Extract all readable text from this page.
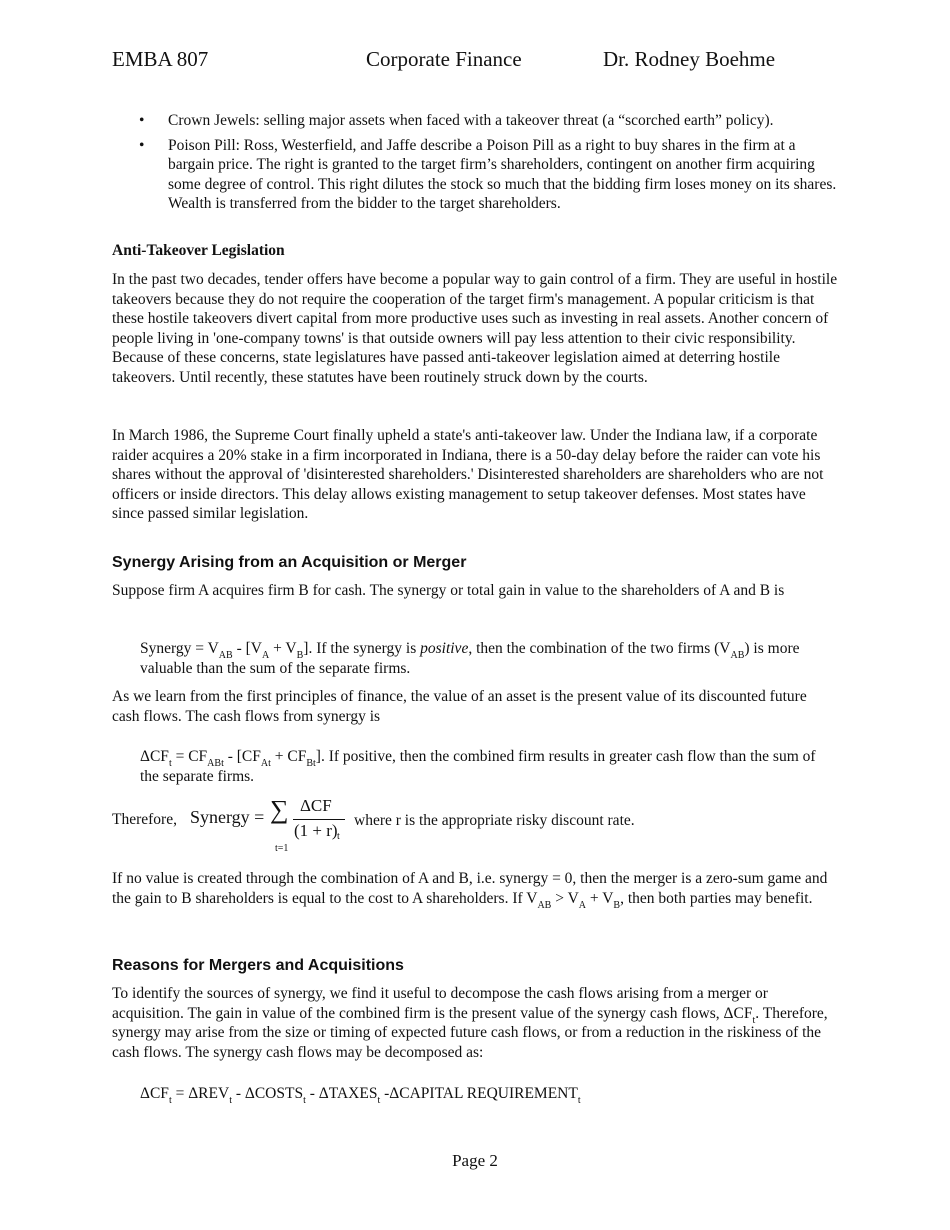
EMBA 807	Corporate Finance	Dr. Rodney Boehme
• Crown Jewels: selling major assets when faced with a takeover threat (a “scorched earth” policy).
• Poison Pill: Ross, Westerfield, and Jaffe describe a Poison Pill as a right to buy shares in the firm at a bargain price. The right is granted to the target firm’s shareholders, contingent on another firm acquiring some degree of control. This right dilutes the stock so much that the bidding firm loses money on its shares. Wealth is transferred from the bidder to the target shareholders.
Anti-Takeover Legislation

In the past two decades, tender offers have become a popular way to gain control of a firm. They are useful in hostile takeovers because they do not require the cooperation of the target firm's management. A popular criticism is that these hostile takeovers divert capital from more productive uses such as investing in real assets. Another concern of people living in 'one-company towns' is that outside owners will pay less attention to their civic responsibility. Because of these concerns, state legislatures have passed anti-takeover legislation aimed at deterring hostile takeovers. Until recently, these statutes have been routinely struck down by the courts.

In March 1986, the Supreme Court finally upheld a state's anti-takeover law. Under the Indiana law, if a corporate raider acquires a 20% stake in a firm incorporated in Indiana, there is a 50-day delay before the raider can vote his shares without the approval of 'disinterested shareholders.' Disinterested shareholders are shareholders who are not officers or inside directors. This delay allows existing management to setup takeover defenses. Most states have since passed similar legislation.

Synergy Arising from an Acquisition or Merger

Suppose firm A acquires firm B for cash. The synergy or total gain in value to the shareholders of A and B is

Synergy = $V_{AB} - [V_A + V_B]$. If the synergy is positive, then the combination of the two firms $(V_{AB})$ is more valuable than the sum of the separate firms.

As we learn from the first principles of finance, the value of an asset is the present value of its discounted future cash flows. The cash flows from synergy is

$\Delta CF_t = CF_{ABt} - [CF_{At} + CF_{Bt}]$. If positive, then the combined firm results in greater cash flow than the sum of the separate firms.

Therefore, Synergy = ∑ ΔCF
(1 + r) t
t=1
where r is the appropriate risky discount rate.

If no value is created through the combination of A and B, i.e. synergy = 0, then the merger is a zero-sum game and the gain to B shareholders is equal to the cost to A shareholders. If $V_{AB} > V_A + V_B$, then both parties may benefit.

Reasons for Mergers and Acquisitions

To identify the sources of synergy, we find it useful to decompose the cash flows arising from a merger or acquisition. The gain in value of the combined firm is the present value of the synergy cash flows, $\Delta CF_t$. Therefore, synergy may arise from the size or timing of expected future cash flows, or from a reduction in the riskiness of the cash flows. The synergy cash flows may be decomposed as:

$\Delta CF_t = \Delta REV_t$ - $\Delta COSTS_t$ - $\Delta TAXES_t$ -ΔCAPITAL $REQUIREMENT_t$

Page 2
